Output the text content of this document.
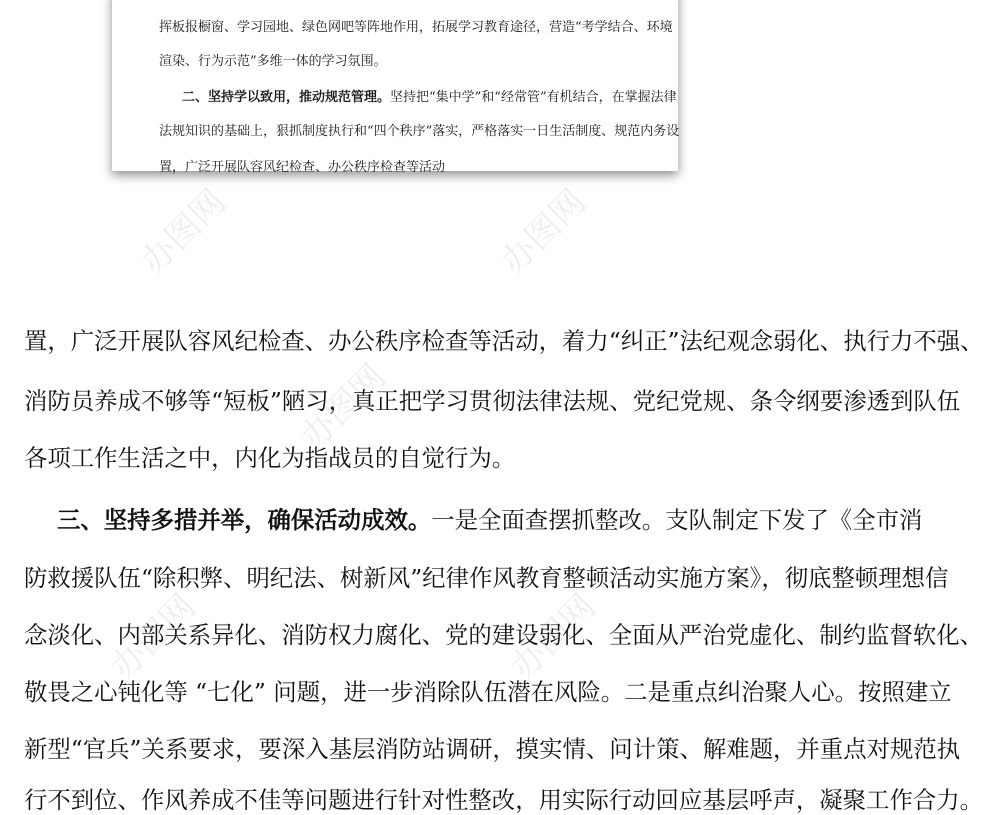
办图网	办图网
办图网
办图网	办图网
挥板报橱窗、学习园地、绿色网吧等阵地作用，拓展学习教育途径，营造“考学结合、环境
渲染、行为示范”多维一体的学习氛围。
二、坚持学以致用，推动规范管理。坚持把“集中学”和“经常管”有机结合，在掌握法律
法规知识的基础上，狠抓制度执行和“四个秩序”落实，严格落实一日生活制度、规范内务设
置，广泛开展队容风纪检查、办公秩序检查等活动
置，广泛开展队容风纪检查、办公秩序检查等活动，着力“纠正”法纪观念弱化、执行力不强、
消防员养成不够等“短板”陋习，真正把学习贯彻法律法规、党纪党规、条令纲要渗透到队伍
各项工作生活之中，内化为指战员的自觉行为。
三、坚持多措并举，确保活动成效。一是全面查摆抓整改。支队制定下发了《全市消
防救援队伍“除积弊、明纪法、树新风”纪律作风教育整顿活动实施方案》，彻底整顿理想信
念淡化、内部关系异化、消防权力腐化、党的建设弱化、全面从严治党虚化、制约监督软化、
敬畏之心钝化等 “七化” 问题，进一步消除队伍潜在风险。二是重点纠治聚人心。按照建立
新型“官兵”关系要求，要深入基层消防站调研，摸实情、问计策、解难题，并重点对规范执
行不到位、作风养成不佳等问题进行针对性整改，用实际行动回应基层呼声，凝聚工作合力。
